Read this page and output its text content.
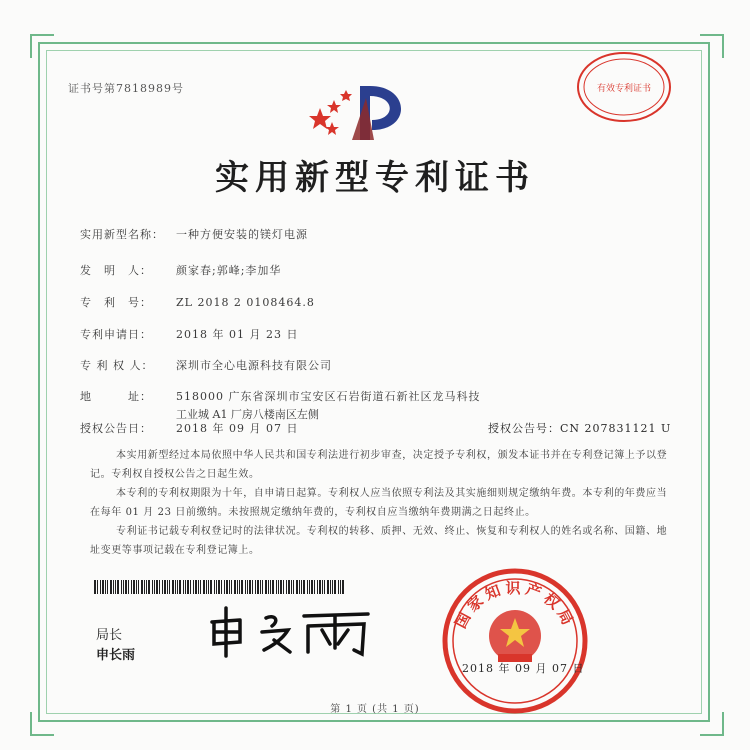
证书号第7818989号	有效专利证书
实用新型专利证书
实用新型名称： 一种方便安装的镁灯电源
发　明　人： 颜家春;郭峰;李加华
专　利　号： ZL 2018 2 0108464.8
专利申请日： 2018 年 01 月 23 日
专 利 权 人： 深圳市全心电源科技有限公司
地　　　址： 518000 广东省深圳市宝安区石岩街道石新社区龙马科技
工业城 A1 厂房八楼南区左侧
授权公告日： 2018 年 09 月 07 日	授权公告号：CN 207831121 U

本实用新型经过本局依照中华人民共和国专利法进行初步审查，决定授予专利权，颁发本证书并在专利登记簿上予以登记。专利权自授权公告之日起生效。

本专利的专利权期限为十年，自申请日起算。专利权人应当依照专利法及其实施细则规定缴纳年费。本专利的年费应当在每年 01 月 23 日前缴纳。未按照规定缴纳年费的，专利权自应当缴纳年费期满之日起终止。

专利证书记载专利权登记时的法律状况。专利权的转移、质押、无效、终止、恢复和专利权人的姓名或名称、国籍、地址变更等事项记载在专利登记簿上。

局长
申长雨
国家知识产权局
2018 年 09 月 07 日
第 1 页 (共 1 页)
